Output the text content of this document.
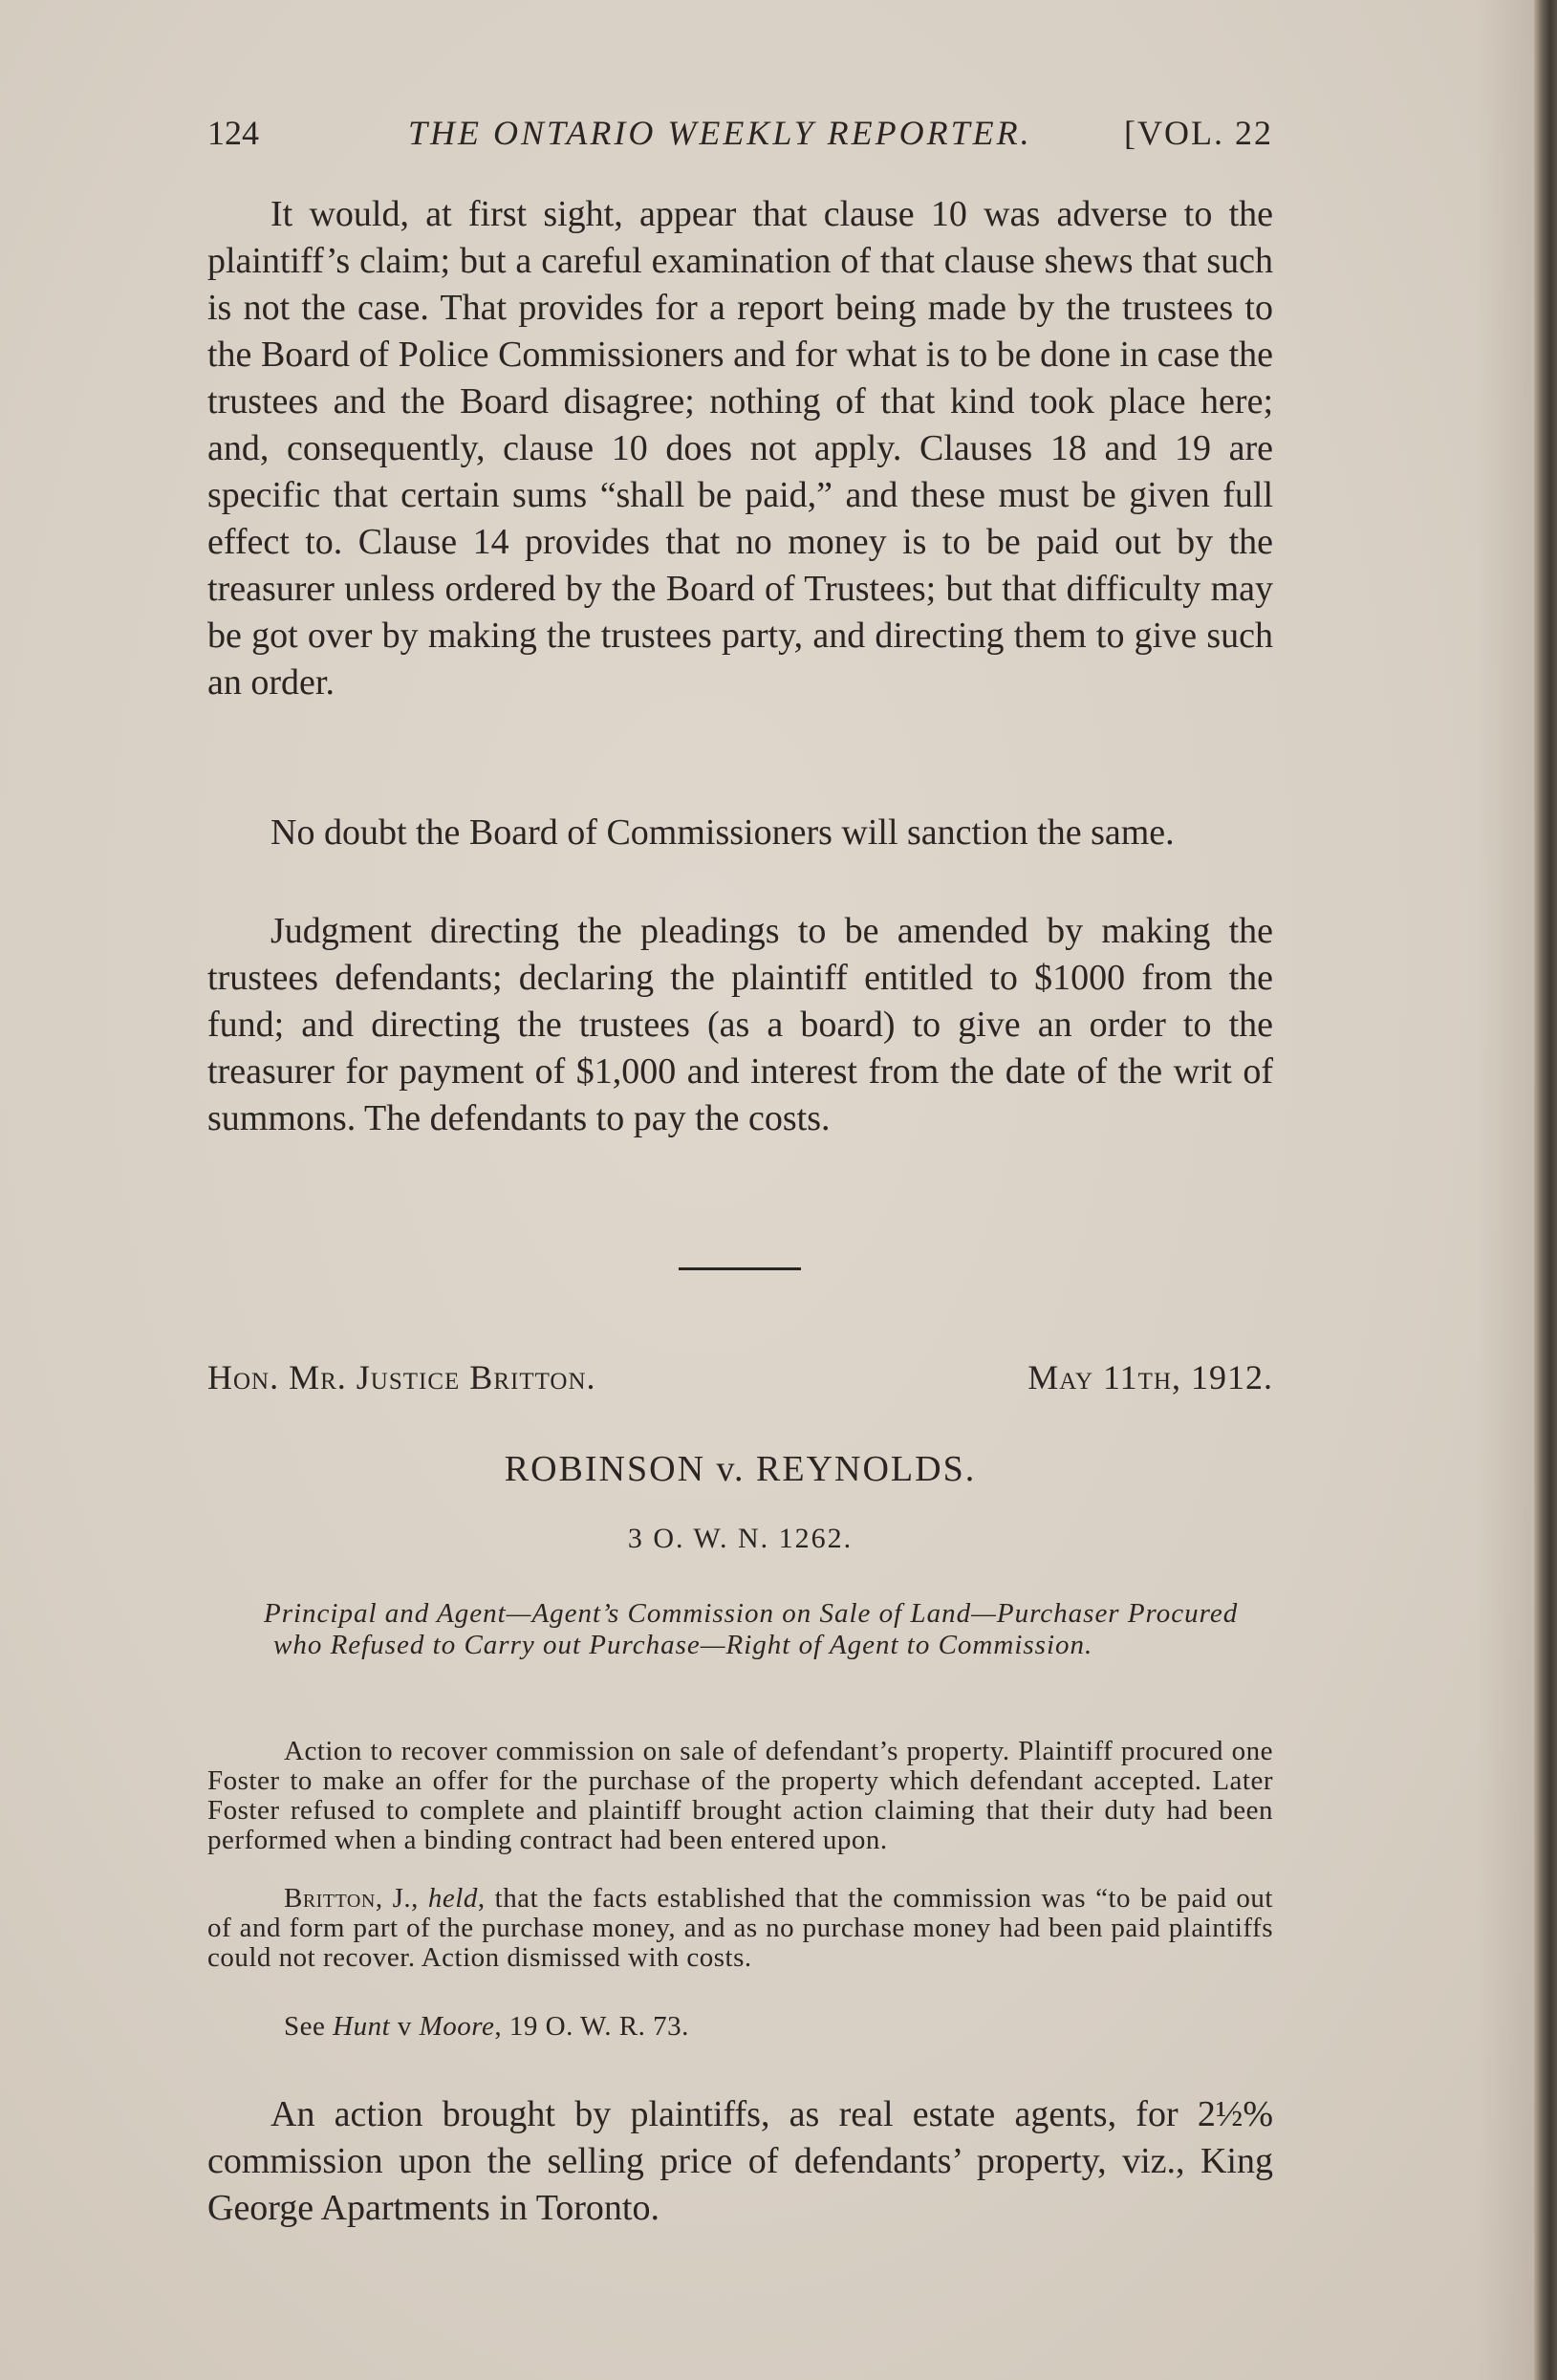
124	THE ONTARIO WEEKLY REPORTER.	[VOL. 22

It would, at first sight, appear that clause 10 was adverse to the plaintiff’s claim; but a careful examination of that clause shews that such is not the case. That provides for a report being made by the trustees to the Board of Police Commissioners and for what is to be done in case the trustees and the Board disagree; nothing of that kind took place here; and, consequently, clause 10 does not apply. Clauses 18 and 19 are specific that certain sums “shall be paid,” and these must be given full effect to. Clause 14 provides that no money is to be paid out by the treasurer unless ordered by the Board of Trustees; but that difficulty may be got over by making the trustees party, and directing them to give such an order.

No doubt the Board of Commissioners will sanction the same.

Judgment directing the pleadings to be amended by making the trustees defendants; declaring the plaintiff entitled to $1000 from the fund; and directing the trustees (as a board) to give an order to the treasurer for payment of $1,000 and interest from the date of the writ of summons. The defendants to pay the costs.

Hon. Mr. Justice Britton.	May 11th, 1912.
ROBINSON v. REYNOLDS.
3 O. W. N. 1262.

Principal and Agent—Agent’s Commission on Sale of Land—Purchaser Procured who Refused to Carry out Purchase—Right of Agent to Commission.

Action to recover commission on sale of defendant’s property. Plaintiff procured one Foster to make an offer for the purchase of the property which defendant accepted. Later Foster refused to complete and plaintiff brought action claiming that their duty had been performed when a binding contract had been entered upon.

Britton, J., held, that the facts established that the commission was “to be paid out of and form part of the purchase money, and as no purchase money had been paid plaintiffs could not recover. Action dismissed with costs.

See Hunt v Moore, 19 O. W. R. 73.

An action brought by plaintiffs, as real estate agents, for 2½% commission upon the selling price of defendants’ property, viz., King George Apartments in Toronto.
